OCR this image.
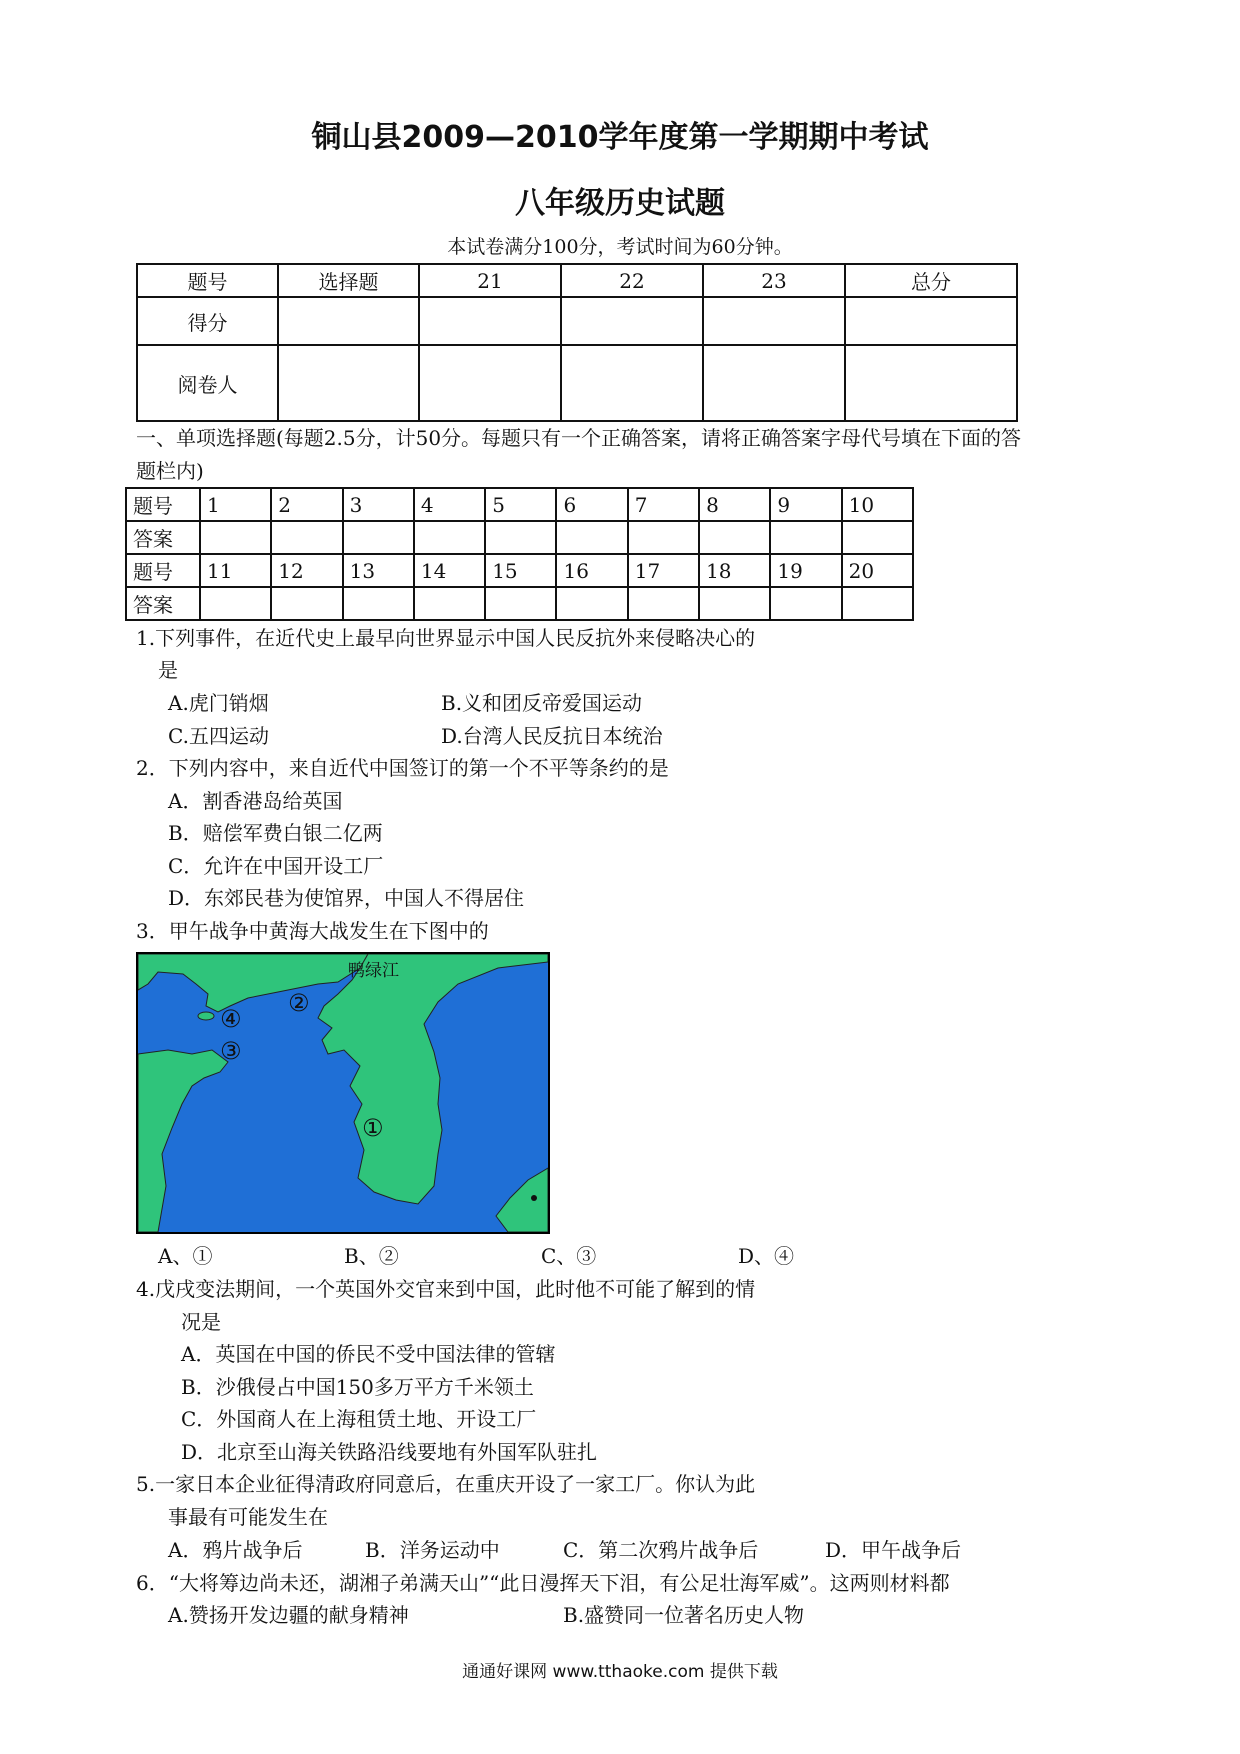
铜山县2009—2010学年度第一学期期中考试
八年级历史试题
本试卷满分100分，考试时间为60分钟。
题号	选择题	21	22	23	总分
得分					
阅卷人					
一、单项选择题(每题2.5分，计50分。每题只有一个正确答案，请将正确答案字母代号填在下面的答
题栏内)
题号	1	2	3	4	5	6	7	8	9	10
答案										
题号	11	12	13	14	15	16	17	18	19	20
答案										
1.下列事件，在近代史上最早向世界显示中国人民反抗外来侵略决心的
是
A.虎门销烟	B.义和团反帝爱国运动
C.五四运动	D.台湾人民反抗日本统治
2．下列内容中，来自近代中国签订的第一个不平等条约的是
A．割香港岛给英国
B．赔偿军费白银二亿两
C．允许在中国开设工厂
D．东郊民巷为使馆界，中国人不得居住
3．甲午战争中黄海大战发生在下图中的
鸭绿江
①
②
③
④
A、①	B、②	C、③	D、④
4.戊戌变法期间，一个英国外交官来到中国，此时他不可能了解到的情
况是
A．英国在中国的侨民不受中国法律的管辖
B．沙俄侵占中国150多万平方千米领土
C．外国商人在上海租赁土地、开设工厂
D．北京至山海关铁路沿线要地有外国军队驻扎
5.一家日本企业征得清政府同意后，在重庆开设了一家工厂。你认为此
事最有可能发生在
A．鸦片战争后	B．洋务运动中	C．第二次鸦片战争后	D．甲午战争后
6．“大将筹边尚未还，湖湘子弟满天山”“此日漫挥天下泪，有公足壮海军威”。这两则材料都
A.赞扬开发边疆的献身精神	B.盛赞同一位著名历史人物
通通好课网 www.tthaoke.com 提供下载
